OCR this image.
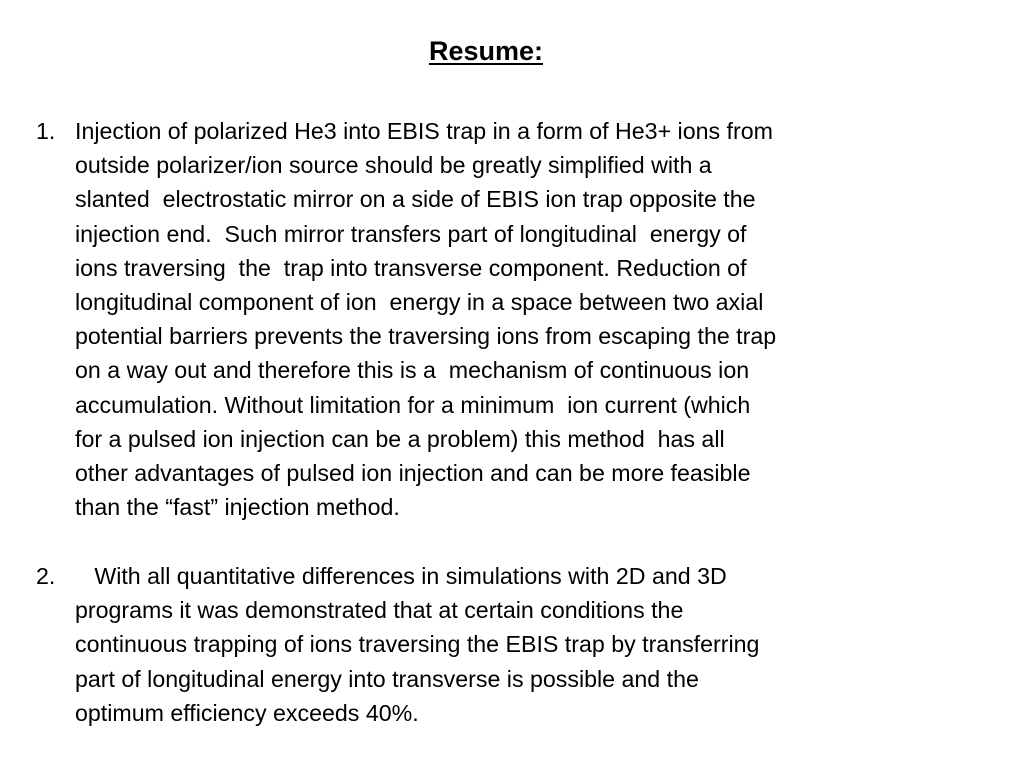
Resume:
1. Injection of polarized He3 into EBIS trap in a form of He3+ ions from
outside polarizer/ion source should be greatly simplified with a
slanted  electrostatic mirror on a side of EBIS ion trap opposite the
injection end.  Such mirror transfers part of longitudinal  energy of
ions traversing  the  trap into transverse component. Reduction of
longitudinal component of ion  energy in a space between two axial
potential barriers prevents the traversing ions from escaping the trap
on a way out and therefore this is a  mechanism of continuous ion
accumulation. Without limitation for a minimum  ion current (which
for a pulsed ion injection can be a problem) this method  has all
other advantages of pulsed ion injection and can be more feasible
than the “fast” injection method.
2. With all quantitative differences in simulations with 2D and 3D
programs it was demonstrated that at certain conditions the
continuous trapping of ions traversing the EBIS trap by transferring
part of longitudinal energy into transverse is possible and the
optimum efficiency exceeds 40%.
